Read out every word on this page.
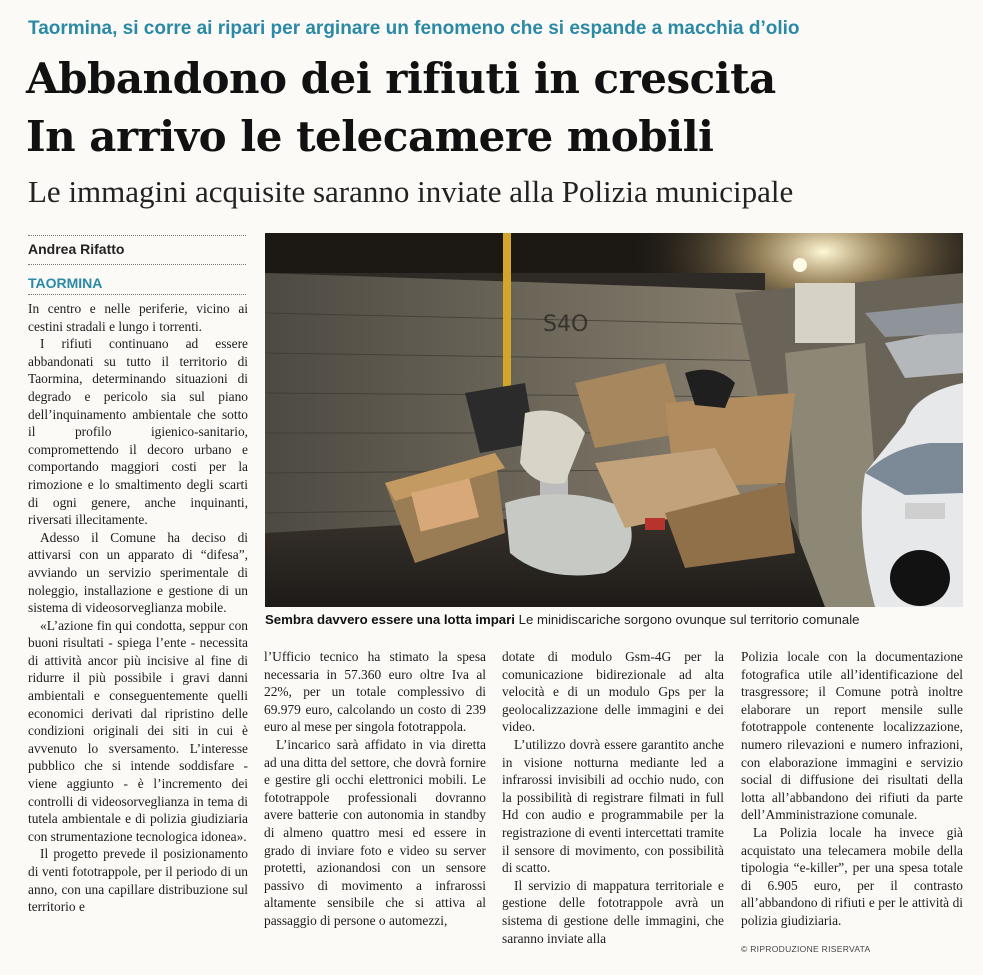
Taormina, si corre ai ripari per arginare un fenomeno che si espande a macchia d’olio
Abbandono dei rifiuti in crescita
In arrivo le telecamere mobili
Le immagini acquisite saranno inviate alla Polizia municipale
Andrea Rifatto
TAORMINA

In centro e nelle periferie, vicino ai cestini stradali e lungo i torrenti.

I rifiuti continuano ad essere abbandonati su tutto il territorio di Taormina, determinando situazioni di degrado e pericolo sia sul piano dell’inquinamento ambientale che sotto il profilo igienico-sanitario, compromettendo il decoro urbano e comportando maggiori costi per la rimozione e lo smaltimento degli scarti di ogni genere, anche inquinanti, riversati illecitamente.

Adesso il Comune ha deciso di attivarsi con un apparato di “difesa”, avviando un servizio sperimentale di noleggio, installazione e gestione di un sistema di videosorveglianza mobile.

«L’azione fin qui condotta, seppur con buoni risultati - spiega l’ente - necessita di attività ancor più incisive al fine di ridurre il più possibile i gravi danni ambientali e conseguentemente quelli economici derivati dal ripristino delle condizioni originali dei siti in cui è avvenuto lo sversamento. L’interesse pubblico che si intende soddisfare - viene aggiunto - è l’incremento dei controlli di videosorveglianza in tema di tutela ambientale e di polizia giudiziaria con strumentazione tecnologica idonea».

Il progetto prevede il posizionamento di venti fototrappole, per il periodo di un anno, con una capillare distribuzione sul territorio e

S4O
Sembra davvero essere una lotta impari Le minidiscariche sorgono ovunque sul territorio comunale

l’Ufficio tecnico ha stimato la spesa necessaria in 57.360 euro oltre Iva al 22%, per un totale complessivo di 69.979 euro, calcolando un costo di 239 euro al mese per singola fototrappola.

L’incarico sarà affidato in via diretta ad una ditta del settore, che dovrà fornire e gestire gli occhi elettronici mobili. Le fototrappole professionali dovranno avere batterie con autonomia in standby di almeno quattro mesi ed essere in grado di inviare foto e video su server protetti, azionandosi con un sensore passivo di movimento a infrarossi altamente sensibile che si attiva al passaggio di persone o automezzi,

dotate di modulo Gsm-4G per la comunicazione bidirezionale ad alta velocità e di un modulo Gps per la geolocalizzazione delle immagini e dei video.

L’utilizzo dovrà essere garantito anche in visione notturna mediante led a infrarossi invisibili ad occhio nudo, con la possibilità di registrare filmati in full Hd con audio e programmabile per la registrazione di eventi intercettati tramite il sensore di movimento, con possibilità di scatto.

Il servizio di mappatura territoriale e gestione delle fototrappole avrà un sistema di gestione delle immagini, che saranno inviate alla

Polizia locale con la documentazione fotografica utile all’identificazione del trasgressore; il Comune potrà inoltre elaborare un report mensile sulle fototrappole contenente localizzazione, numero rilevazioni e numero infrazioni, con elaborazione immagini e servizio social di diffusione dei risultati della lotta all’abbandono dei rifiuti da parte dell’Amministrazione comunale.

La Polizia locale ha invece già acquistato una telecamera mobile della tipologia “e-killer”, per una spesa totale di 6.905 euro, per il contrasto all’abbandono di rifiuti e per le attività di polizia giudiziaria.

© RIPRODUZIONE RISERVATA
